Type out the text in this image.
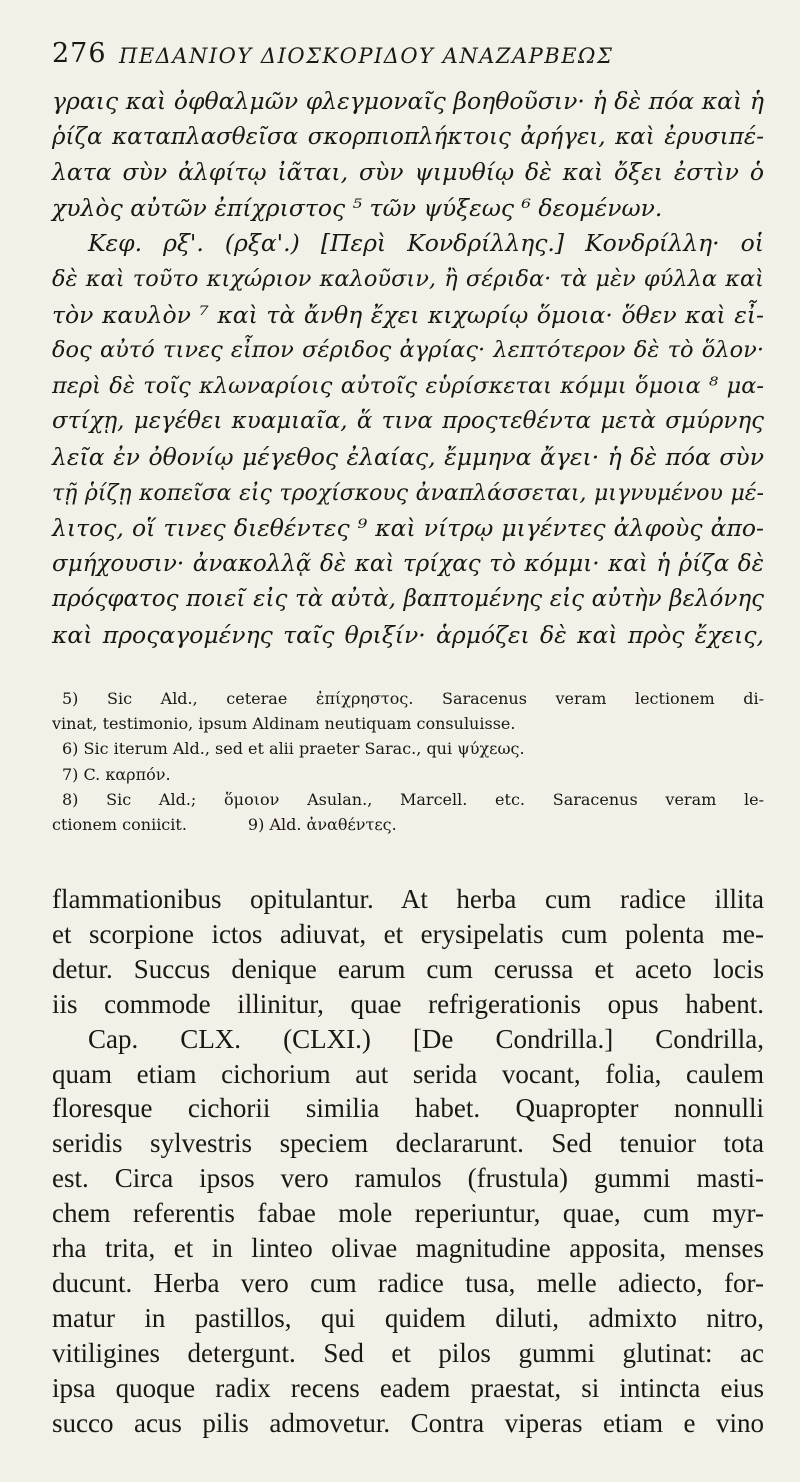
276 ΠΕΔΑΝΙΟΥ ΔΙΟΣΚΟΡΙΔΟΥ ΑΝΑΖΑΡΒΕΩΣ
γραις καὶ ὀφθαλμῶν φλεγμοναῖς βοηθοῦσιν· ἡ δὲ πόα καὶ ἡ
ῥίζα καταπλασθεῖσα σκορπιοπλήκτοις ἀρήγει, καὶ ἐρυσιπέ-
λατα σὺν ἀλφίτῳ ἰᾶται, σὺν ψιμυθίῳ δὲ καὶ ὄξει ἐστὶν ὁ
χυλὸς αὐτῶν ἐπίχριστος ⁵ τῶν ψύξεως ⁶ δεομένων.
Κεφ. ρξ'. (ρξα'.) [Περὶ Κονδρίλλης.] Κονδρίλλη· οἱ
δὲ καὶ τοῦτο κιχώριον καλοῦσιν, ἢ σέριδα· τὰ μὲν φύλλα καὶ
τὸν καυλὸν ⁷ καὶ τὰ ἄνθη ἔχει κιχωρίῳ ὅμοια· ὅθεν καὶ εἶ-
δος αὐτό τινες εἶπον σέριδος ἀγρίας· λεπτότερον δὲ τὸ ὅλον·
περὶ δὲ τοῖς κλωναρίοις αὐτοῖς εὑρίσκεται κόμμι ὅμοια ⁸ μα-
στίχῃ, μεγέθει κυαμιαῖα, ἅ τινα προςτεθέντα μετὰ σμύρνης
λεῖα ἐν ὀθονίῳ μέγεθος ἐλαίας, ἔμμηνα ἄγει· ἡ δὲ πόα σὺν
τῇ ῥίζῃ κοπεῖσα εἰς τροχίσκους ἀναπλάσσεται, μιγνυμένου μέ-
λιτος, οἵ τινες διεθέντες ⁹ καὶ νίτρῳ μιγέντες ἀλφοὺς ἀπο-
σμήχουσιν· ἀνακολλᾷ δὲ καὶ τρίχας τὸ κόμμι· καὶ ἡ ῥίζα δὲ
πρόςφατος ποιεῖ εἰς τὰ αὐτὰ, βαπτομένης εἰς αὐτὴν βελόνης
καὶ προςαγομένης ταῖς θριξίν· ἁρμόζει δὲ καὶ πρὸς ἔχεις,
5) Sic Ald., ceterae ἐπίχρηστος. Saracenus veram lectionem di-
vinat, testimonio, ipsum Aldinam neutiquam consuluisse.
6) Sic iterum Ald., sed et alii praeter Sarac., qui ψύχεως.
7) C. καρπόν.
8) Sic Ald.; ὅμοιον Asulan., Marcell. etc. Saracenus veram le-
ctionem coniicit.            9) Ald. ἀναθέντες.
flammationibus opitulantur. At herba cum radice illita
et scorpione ictos adiuvat, et erysipelatis cum polenta me-
detur. Succus denique earum cum cerussa et aceto locis
iis commode illinitur, quae refrigerationis opus habent.
Cap. CLX. (CLXI.) [De Condrilla.] Condrilla,
quam etiam cichorium aut serida vocant, folia, caulem
floresque cichorii similia habet. Quapropter nonnulli
seridis sylvestris speciem declararunt. Sed tenuior tota
est. Circa ipsos vero ramulos (frustula) gummi masti-
chem referentis fabae mole reperiuntur, quae, cum myr-
rha trita, et in linteo olivae magnitudine apposita, menses
ducunt. Herba vero cum radice tusa, melle adiecto, for-
matur in pastillos, qui quidem diluti, admixto nitro,
vitiligines detergunt. Sed et pilos gummi glutinat: ac
ipsa quoque radix recens eadem praestat, si intincta eius
succo acus pilis admovetur. Contra viperas etiam e vino
